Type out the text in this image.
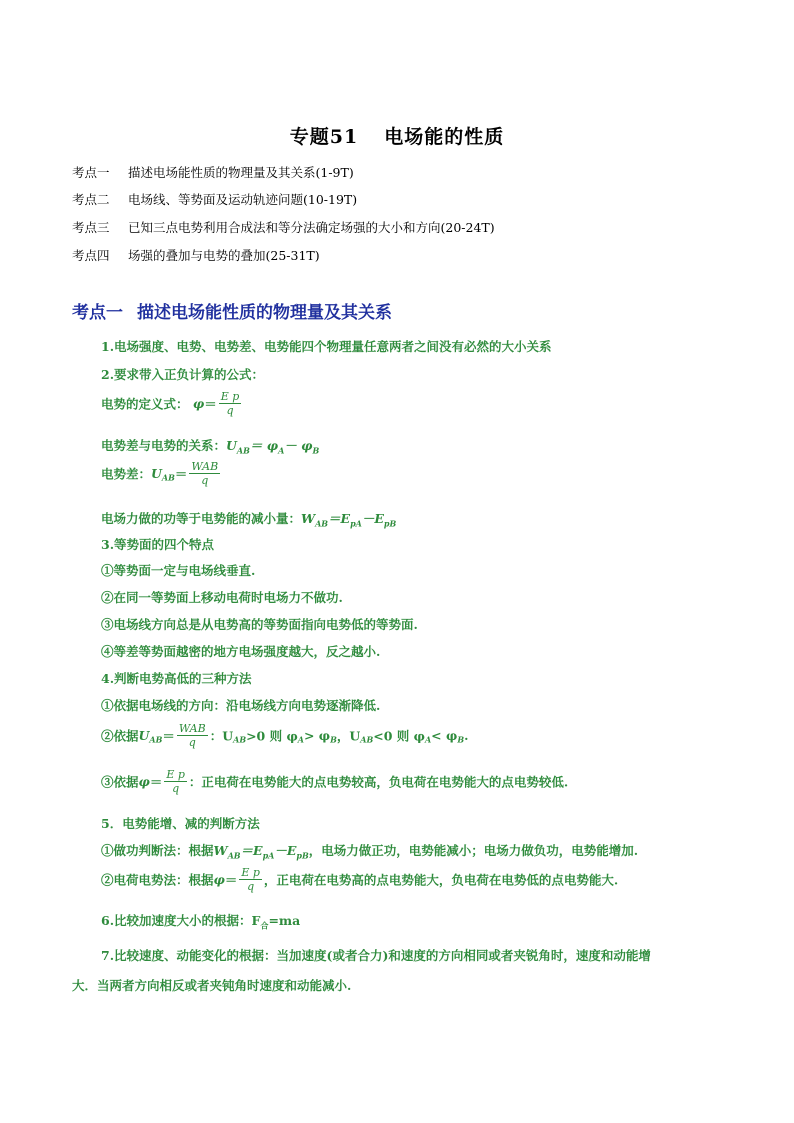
专题51 电场能的性质
考点一 描述电场能性质的物理量及其关系(1-9T)
考点二 电场线、等势面及运动轨迹问题(10-19T)
考点三 已知三点电势利用合成法和等分法确定场强的大小和方向(20-24T)
考点四 场强的叠加与电势的叠加(25-31T)
考点一 描述电场能性质的物理量及其关系
1.电场强度、电势、电势差、电势能四个物理量任意两者之间没有必然的大小关系
2.要求带入正负计算的公式：
电势的定义式： $\varphi= \frac{\text{E p}}{q}$
电势差与电势的关系：$U_{AB}= \varphi_A- \varphi_B$
电势差：$U_{AB}= \frac{\text{WAB}}{q}$
电场力做的功等于电势能的减小量：$W_{AB}=E_{pA}-E_{pB}$
3.等势面的四个特点
①等势面一定与电场线垂直.
②在同一等势面上移动电荷时电场力不做功.
③电场线方向总是从电势高的等势面指向电势低的等势面.
④等差等势面越密的地方电场强度越大，反之越小.
4.判断电势高低的三种方法
①依据电场线的方向：沿电场线方向电势逐渐降低.
②依据$U_{AB}= \frac{\text{WAB}}{q}$ ：$U_{AB}>0$ 则 $\varphi_A> \varphi_B$，$U_{AB}<0$ 则 $\varphi_A< \varphi_B$.
③依据$\varphi= \frac{\text{E p}}{q}$ ：正电荷在电势能大的点电势较高，负电荷在电势能大的点电势较低.
5．电势能增、减的判断方法
①做功判断法：根据$W_{AB}=E_{pA}-E_{pB}$，电场力做正功，电势能减小；电场力做负功，电势能增加.
②电荷电势法：根据$\varphi= \frac{\text{E p}}{q}$ ，正电荷在电势高的点电势能大，负电荷在电势低的点电势能大.
6.比较加速度大小的根据：$F_合=ma$
7.比较速度、动能变化的根据：当加速度(或者合力)和速度的方向相同或者夹锐角时，速度和动能增
大．当两者方向相反或者夹钝角时速度和动能减小.
